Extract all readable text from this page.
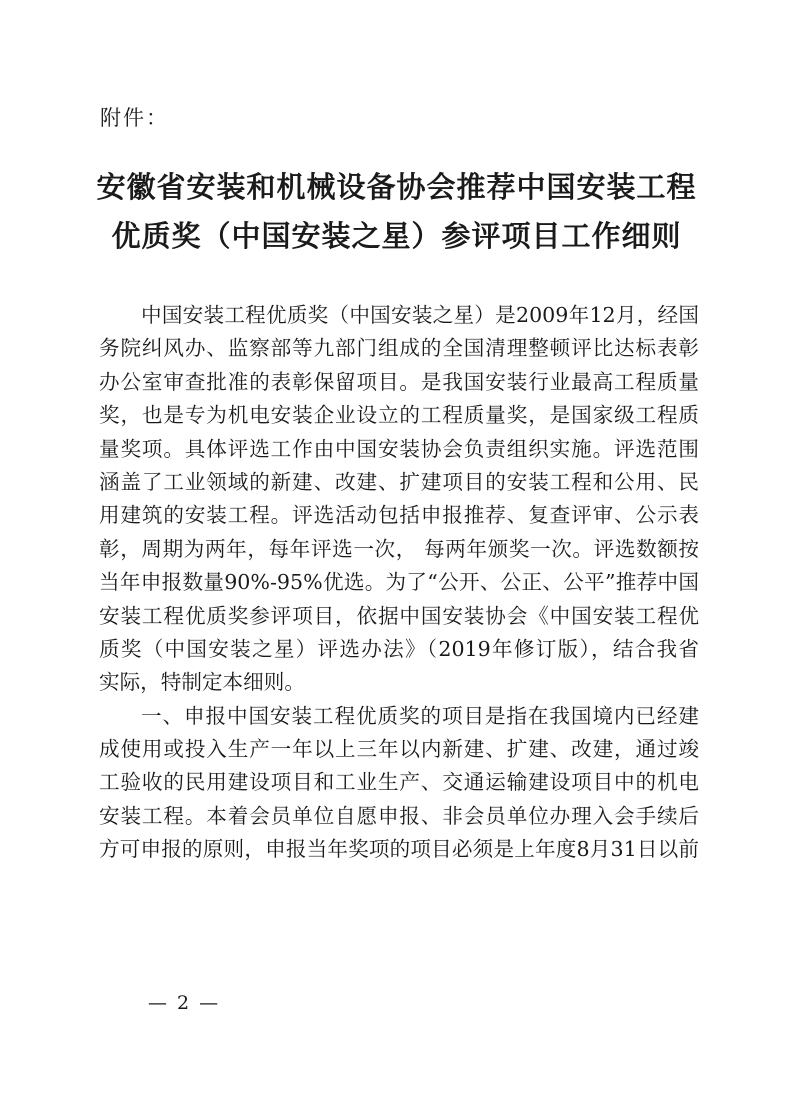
附件：
安徽省安装和机械设备协会推荐中国安装工程
优质奖（中国安装之星）参评项目工作细则
中国安装工程优质奖（中国安装之星）是2009年12月，经国
务院纠风办、监察部等九部门组成的全国清理整顿评比达标表彰
办公室审查批准的表彰保留项目。是我国安装行业最高工程质量
奖，也是专为机电安装企业设立的工程质量奖，是国家级工程质
量奖项。具体评选工作由中国安装协会负责组织实施。评选范围
涵盖了工业领域的新建、改建、扩建项目的安装工程和公用、民
用建筑的安装工程。评选活动包括申报推荐、复查评审、公示表
彰，周期为两年，每年评选一次， 每两年颁奖一次。评选数额按
当年申报数量90%-95%优选。为了“公开、公正、公平”推荐中国
安装工程优质奖参评项目，依据中国安装协会《中国安装工程优
质奖（中国安装之星）评选办法》（2019年修订版），结合我省
实际，特制定本细则。
一、申报中国安装工程优质奖的项目是指在我国境内已经建
成使用或投入生产一年以上三年以内新建、扩建、改建，通过竣
工验收的民用建设项目和工业生产、交通运输建设项目中的机电
安装工程。本着会员单位自愿申报、非会员单位办理入会手续后
方可申报的原则，申报当年奖项的项目必须是上年度8月31日以前
— 2 —
